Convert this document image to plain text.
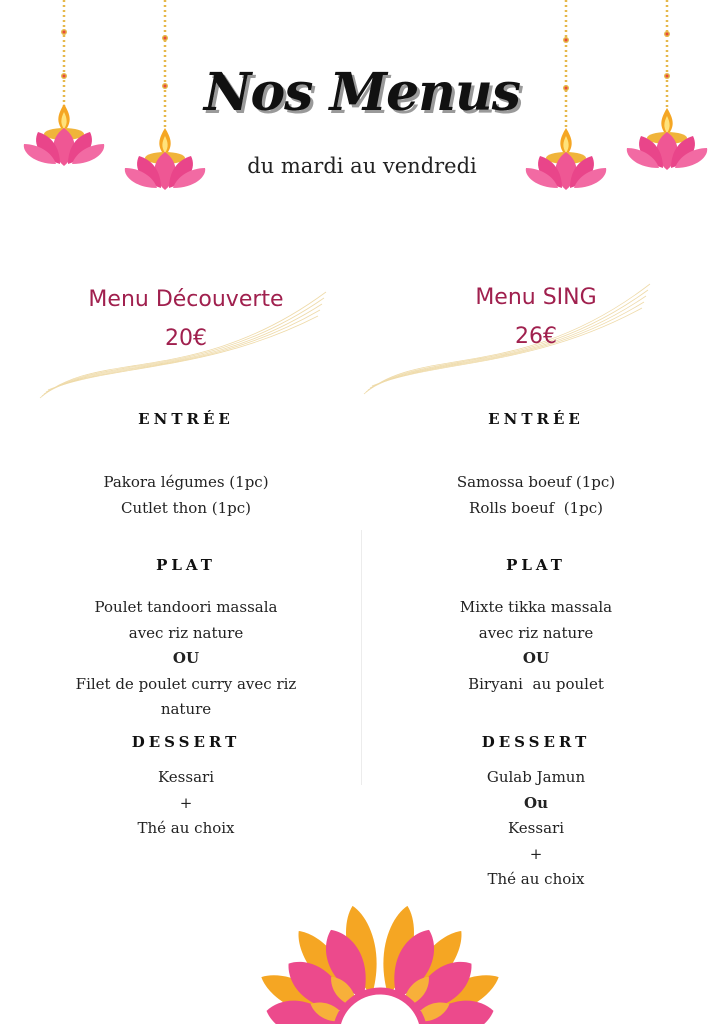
Nos Menus
du mardi au vendredi
Menu Découverte
20€
ENTRÉE
Pakora légumes (1pc)
Cutlet thon (1pc)
PLAT
Poulet tandoori massala
avec riz nature
OU
Filet de poulet curry avec riz
nature
DESSERT
Kessari
+
Thé au choix
Menu SING
26€
ENTRÉE
Samossa boeuf (1pc)
Rolls boeuf  (1pc)
PLAT
Mixte tikka massala
avec riz nature
OU
Biryani  au poulet
DESSERT
Gulab Jamun
Ou
Kessari
+
Thé au choix
